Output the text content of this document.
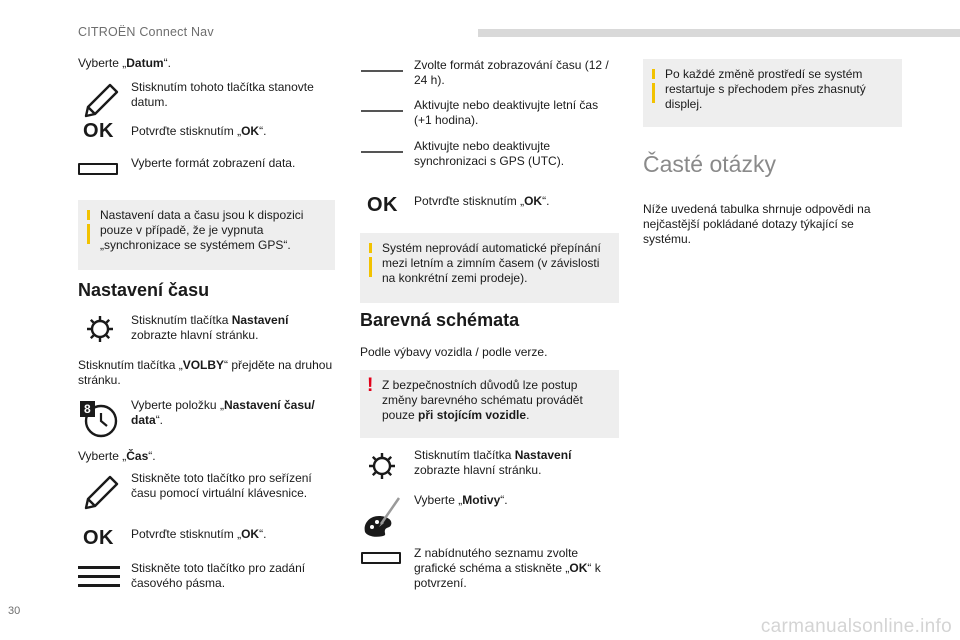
CITROËN Connect Nav
Vyberte „Datum“.
Stisknutím tohoto tlačítka stanovte datum.
OK Potvrďte stisknutím „OK“.
Vyberte formát zobrazení data.
Nastavení data a času jsou k dispozici pouze v případě, že je vypnuta „synchronizace se systémem GPS“.
Nastavení času
Stisknutím tlačítka Nastavení zobrazte hlavní stránku.
Stisknutím tlačítka „VOLBY“ přejděte na druhou stránku.
8	Vyberte položku „Nastavení času/ data“.
Vyberte „Čas“.
Stiskněte toto tlačítko pro seřízení času pomocí virtuální klávesnice.
OK Potvrďte stisknutím „OK“.
Stiskněte toto tlačítko pro zadání časového pásma.
Zvolte formát zobrazování času (12 / 24 h).
Aktivujte nebo deaktivujte letní čas (+1 hodina).
Aktivujte nebo deaktivujte synchronizaci s GPS (UTC).
OK Potvrďte stisknutím „OK“.
Systém neprovádí automatické přepínání mezi letním a zimním časem (v závislosti na konkrétní zemi prodeje).
Barevná schémata
Podle výbavy vozidla / podle verze.
! Z bezpečnostních důvodů lze postup změny barevného schématu provádět pouze při stojícím vozidle.
Stisknutím tlačítka Nastavení zobrazte hlavní stránku.
Vyberte „Motivy“.
Z nabídnutého seznamu zvolte grafické schéma a stiskněte „OK“ k potvrzení.
Po každé změně prostředí se systém restartuje s přechodem přes zhasnutý displej.
Časté otázky
Níže uvedená tabulka shrnuje odpovědi na nejčastější pokládané dotazy týkající se systému.
30
carmanualsonline.info
